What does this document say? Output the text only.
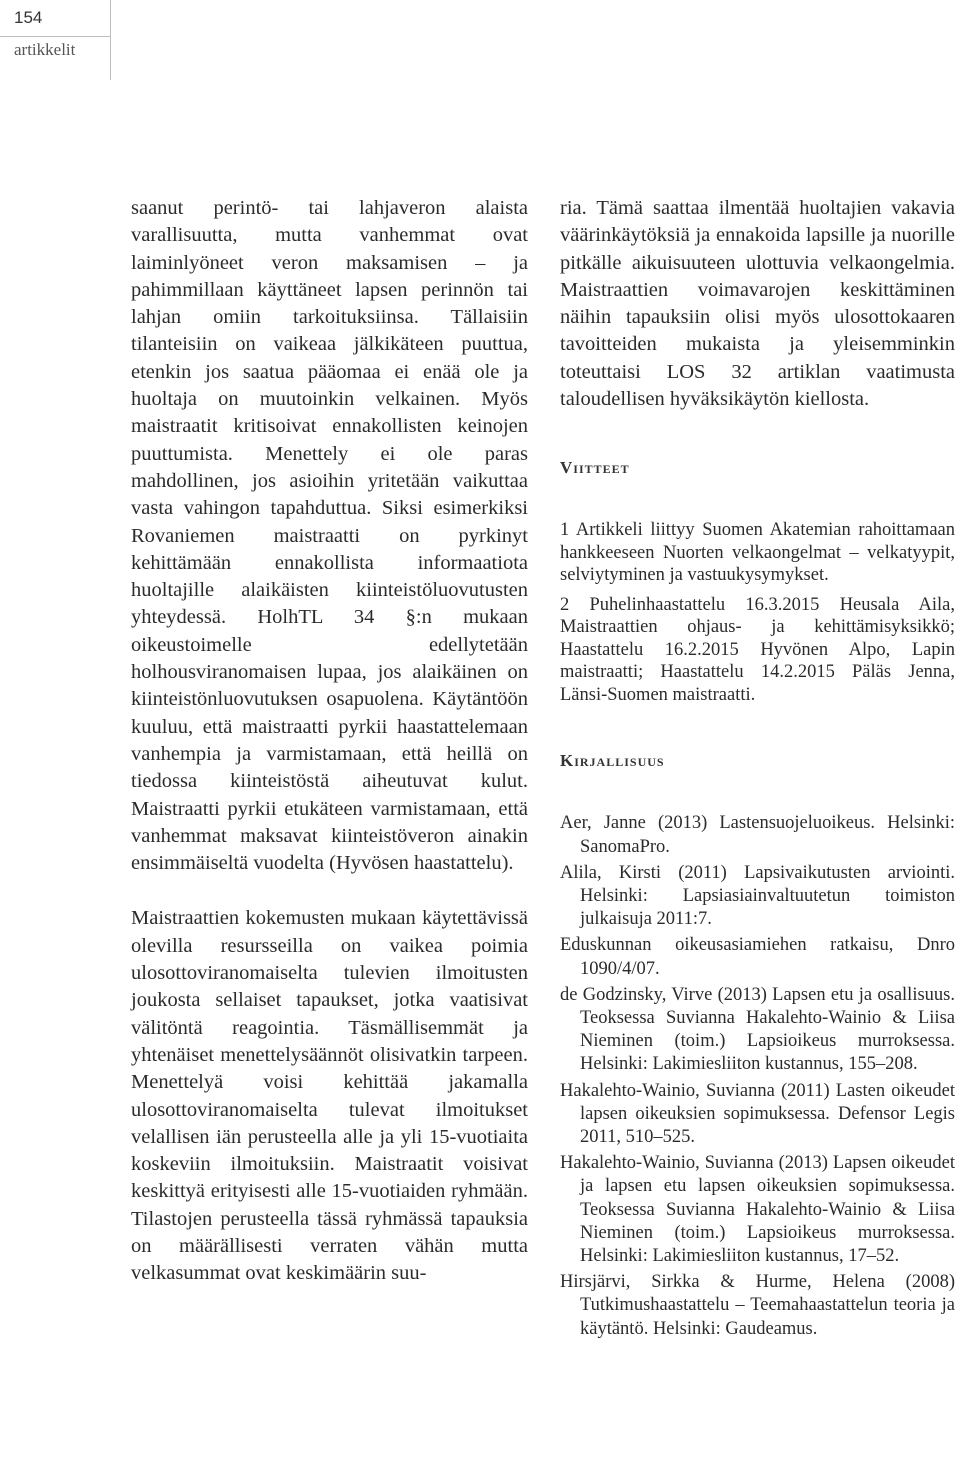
154
artikkelit

saanut perintö- tai lahjaveron alaista varallisuutta, mutta vanhemmat ovat laiminlyöneet veron maksamisen – ja pahimmillaan käyttäneet lapsen perinnön tai lahjan omiin tarkoituksiinsa. Tällaisiin tilanteisiin on vaikeaa jälkikäteen puuttua, etenkin jos saatua pääomaa ei enää ole ja huoltaja on muutoinkin velkainen. Myös maistraatit kritisoivat ennakollisten keinojen puuttumista. Menettely ei ole paras mahdollinen, jos asioihin yritetään vaikuttaa vasta vahingon tapahduttua. Siksi esimerkiksi Rovaniemen maistraatti on pyrkinyt kehittämään ennakollista informaatiota huoltajille alaikäisten kiinteistöluovutusten yhteydessä. HolhTL 34 §:n mukaan oikeustoimelle edellytetään holhousviranomaisen lupaa, jos alaikäinen on kiinteistönluovutuksen osapuolena. Käytäntöön kuuluu, että maistraatti pyrkii haastattelemaan vanhempia ja varmistamaan, että heillä on tiedossa kiinteistöstä aiheutuvat kulut. Maistraatti pyrkii etukäteen varmistamaan, että vanhemmat maksavat kiinteistöveron ainakin ensimmäiseltä vuodelta (Hyvösen haastattelu).

Maistraattien kokemusten mukaan käytettävissä olevilla resursseilla on vaikea poimia ulosottoviranomaiselta tulevien ilmoitusten joukosta sellaiset tapaukset, jotka vaatisivat välitöntä reagointia. Täsmällisemmät ja yhtenäiset menettelysäännöt olisivatkin tarpeen. Menettelyä voisi kehittää jakamalla ulosottoviranomaiselta tulevat ilmoitukset velallisen iän perusteella alle ja yli 15-vuotiaita koskeviin ilmoituksiin. Maistraatit voisivat keskittyä erityisesti alle 15-vuotiaiden ryhmään. Tilastojen perusteella tässä ryhmässä tapauksia on määrällisesti verraten vähän mutta velkasummat ovat keskimäärin suu-

ria. Tämä saattaa ilmentää huoltajien vakavia väärinkäytöksiä ja ennakoida lapsille ja nuorille pitkälle aikuisuuteen ulottuvia velkaongelmia. Maistraattien voimavarojen keskittäminen näihin tapauksiin olisi myös ulosottokaaren tavoitteiden mukaista ja yleisemminkin toteuttaisi LOS 32 artiklan vaatimusta taloudellisen hyväksikäytön kiellosta.

Viitteet

1 Artikkeli liittyy Suomen Akatemian rahoittamaan hankkeeseen Nuorten velkaongelmat – velkatyypit, selviytyminen ja vastuukysymykset.

2 Puhelinhaastattelu 16.3.2015 Heusala Aila, Maistraattien ohjaus- ja kehittämisyksikkö; Haastattelu 16.2.2015 Hyvönen Alpo, Lapin maistraatti; Haastattelu 14.2.2015 Päläs Jenna, Länsi-Suomen maistraatti.

Kirjallisuus

Aer, Janne (2013) Lastensuojeluoikeus. Helsinki: SanomaPro.

Alila, Kirsti (2011) Lapsivaikutusten arviointi. Helsinki: Lapsiasiainvaltuutetun toimiston julkaisuja 2011:7.

Eduskunnan oikeusasiamiehen ratkaisu, Dnro 1090/4/07.

de Godzinsky, Virve (2013) Lapsen etu ja osallisuus. Teoksessa Suvianna Hakalehto-Wainio & Liisa Nieminen (toim.) Lapsioikeus murroksessa. Helsinki: Lakimiesliiton kustannus, 155–208.

Hakalehto-Wainio, Suvianna (2011) Lasten oikeudet lapsen oikeuksien sopimuksessa. Defensor Legis 2011, 510–525.

Hakalehto-Wainio, Suvianna (2013) Lapsen oikeudet ja lapsen etu lapsen oikeuksien sopimuksessa. Teoksessa Suvianna Hakalehto-Wainio & Liisa Nieminen (toim.) Lapsioikeus murroksessa. Helsinki: Lakimiesliiton kustannus, 17–52.

Hirsjärvi, Sirkka & Hurme, Helena (2008) Tutkimushaastattelu – Teemahaastattelun teoria ja käytäntö. Helsinki: Gaudeamus.
